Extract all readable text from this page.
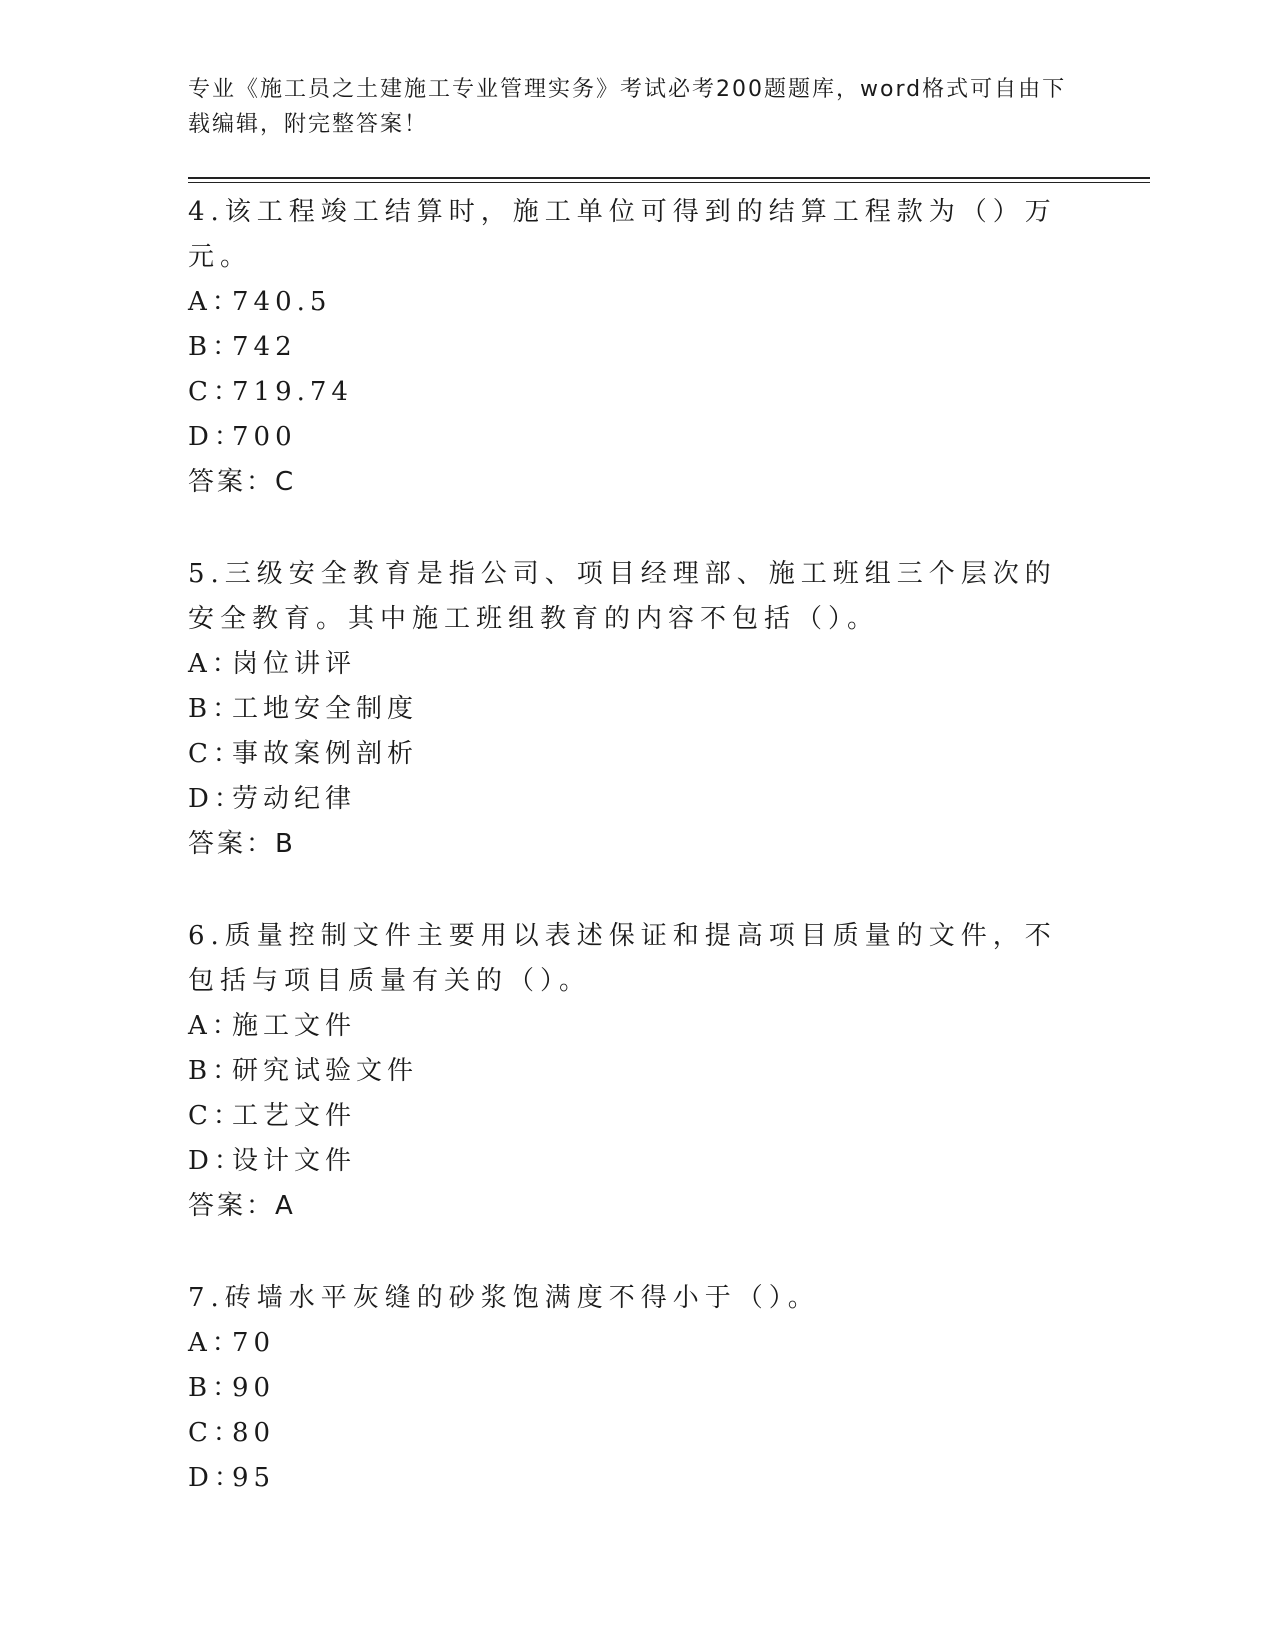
专业《施工员之土建施工专业管理实务》考试必考200题题库，word格式可自由下载编辑，附完整答案！

4.该工程竣工结算时，施工单位可得到的结算工程款为（）万元。

A：740.5

B：742

C：719.74

D：700

答案：C

5.三级安全教育是指公司、项目经理部、施工班组三个层次的安全教育。其中施工班组教育的内容不包括（）。

A：岗位讲评

B：工地安全制度

C：事故案例剖析

D：劳动纪律

答案：B

6.质量控制文件主要用以表述保证和提高项目质量的文件，不包括与项目质量有关的（）。

A：施工文件

B：研究试验文件

C：工艺文件

D：设计文件

答案：A

7.砖墙水平灰缝的砂浆饱满度不得小于（）。

A：70

B：90

C：80

D：95
